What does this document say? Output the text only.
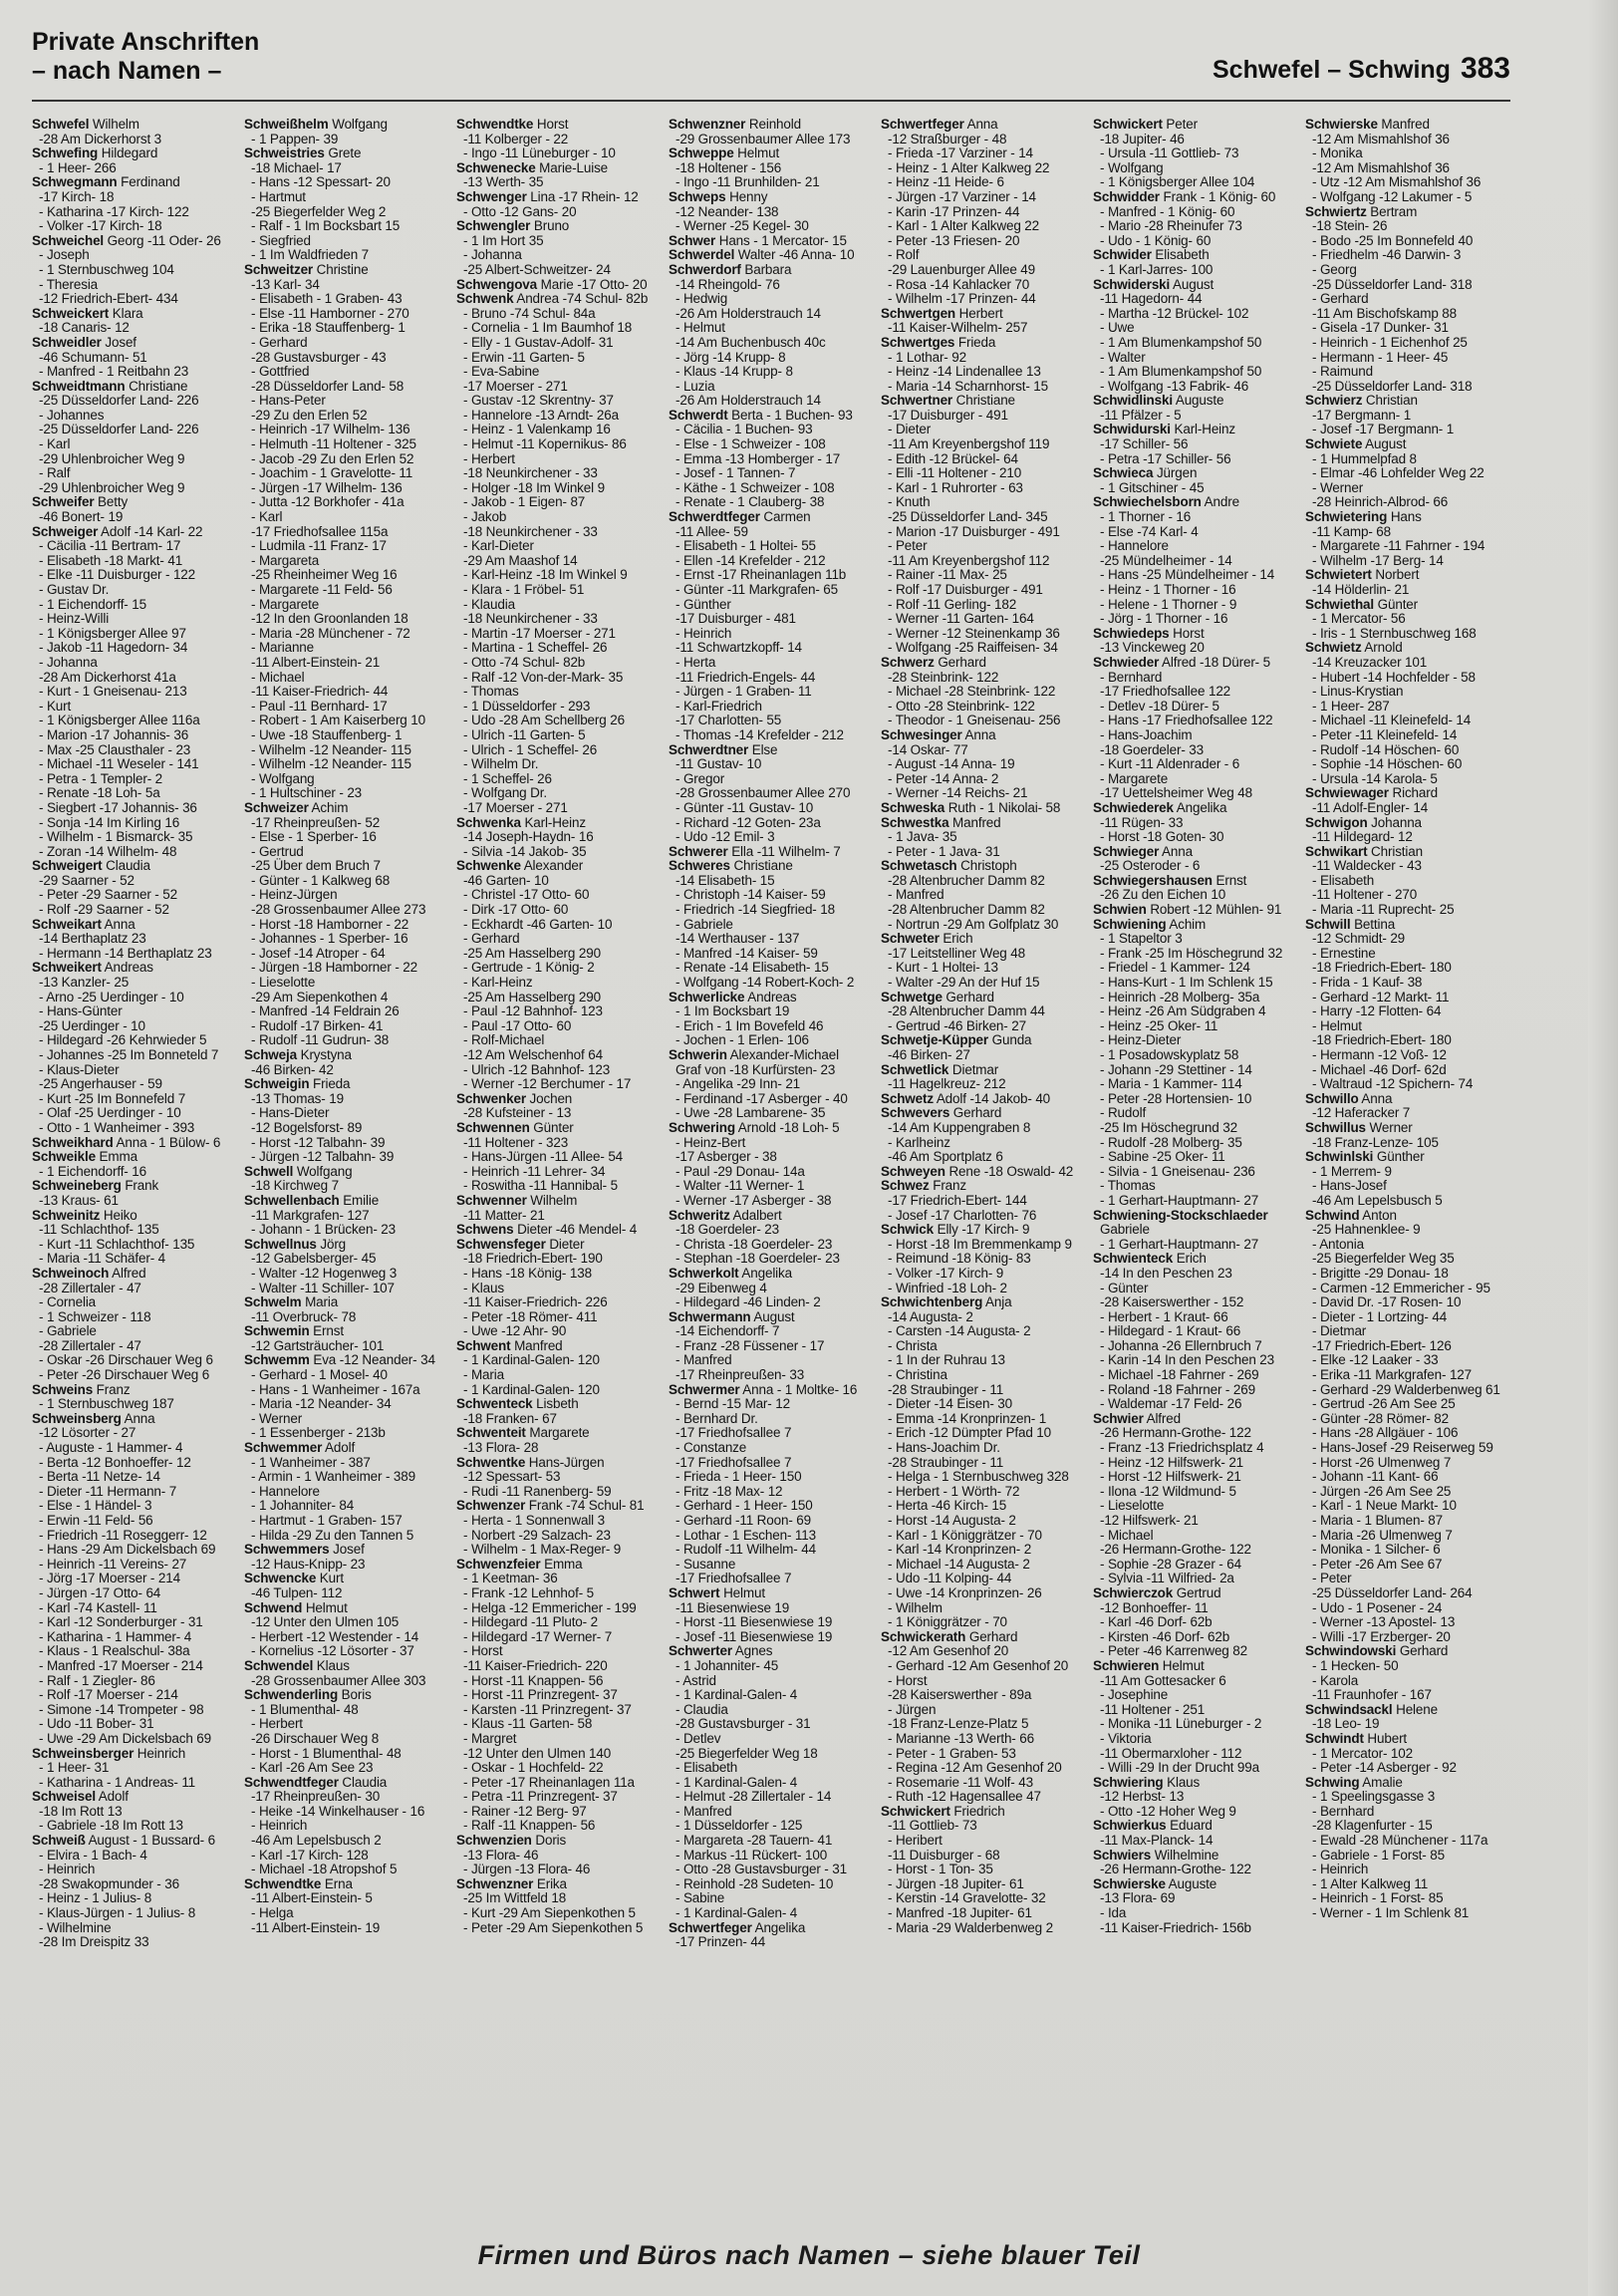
Private Anschriften
– nach Namen –	Schwefel – Schwing 383
Schwefel Wilhelm
-28 Am Dickerhorst 3
Schwefing Hildegard
- 1 Heer- 266
Schwegmann Ferdinand
-17 Kirch- 18
- Katharina -17 Kirch- 122
- Volker -17 Kirch- 18
Schweichel Georg -11 Oder- 26
- Joseph
- 1 Sternbuschweg 104
- Theresia
-12 Friedrich-Ebert- 434
Schweickert Klara
-18 Canaris- 12
Schweidler Josef
-46 Schumann- 51
- Manfred - 1 Reitbahn 23
Schweidtmann Christiane
-25 Düsseldorfer Land- 226
- Johannes
-25 Düsseldorfer Land- 226
- Karl
-29 Uhlenbroicher Weg 9
- Ralf
-29 Uhlenbroicher Weg 9
Schweifer Betty
-46 Bonert- 19
Schweiger Adolf -14 Karl- 22
- Cäcilia -11 Bertram- 17
- Elisabeth -18 Markt- 41
- Elke -11 Duisburger - 122
- Gustav Dr.
- 1 Eichendorff- 15
- Heinz-Willi
- 1 Königsberger Allee 97
- Jakob -11 Hagedorn- 34
- Johanna
-28 Am Dickerhorst 41a
- Kurt - 1 Gneisenau- 213
- Kurt
- 1 Königsberger Allee 116a
- Marion -17 Johannis- 36
- Max -25 Clausthaler - 23
- Michael -11 Weseler - 141
- Petra - 1 Templer- 2
- Renate -18 Loh- 5a
- Siegbert -17 Johannis- 36
- Sonja -14 Im Kirling 16
- Wilhelm - 1 Bismarck- 35
- Zoran -14 Wilhelm- 48
Schweigert Claudia
-29 Saarner - 52
- Peter -29 Saarner - 52
- Rolf -29 Saarner - 52
Schweikart Anna
-14 Berthaplatz 23
- Hermann -14 Berthaplatz 23
Schweikert Andreas
-13 Kanzler- 25
- Arno -25 Uerdinger - 10
- Hans-Günter
-25 Uerdinger - 10
- Hildegard -26 Kehrwieder 5
- Johannes -25 Im Bonneteld 7
- Klaus-Dieter
-25 Angerhauser - 59
- Kurt -25 Im Bonnefeld 7
- Olaf -25 Uerdinger - 10
- Otto - 1 Wanheimer - 393
Schweikhard Anna - 1 Bülow- 6
Schweikle Emma
- 1 Eichendorff- 16
Schweineberg Frank
-13 Kraus- 61
Schweinitz Heiko
-11 Schlachthof- 135
- Kurt -11 Schlachthof- 135
- Maria -11 Schäfer- 4
Schweinoch Alfred
-28 Zillertaler - 47
- Cornelia
- 1 Schweizer - 118
- Gabriele
-28 Zillertaler - 47
- Oskar -26 Dirschauer Weg 6
- Peter -26 Dirschauer Weg 6
Schweins Franz
- 1 Sternbuschweg 187
Schweinsberg Anna
-12 Lösorter - 27
- Auguste - 1 Hammer- 4
- Berta -12 Bonhoeffer- 12
- Berta -11 Netze- 14
- Dieter -11 Hermann- 7
- Else - 1 Händel- 3
- Erwin -11 Feld- 56
- Friedrich -11 Roseggerr- 12
- Hans -29 Am Dickelsbach 69
- Heinrich -11 Vereins- 27
- Jörg -17 Moerser - 214
- Jürgen -17 Otto- 64
- Karl -74 Kastell- 11
- Karl -12 Sonderburger - 31
- Katharina - 1 Hammer- 4
- Klaus - 1 Realschul- 38a
- Manfred -17 Moerser - 214
- Ralf - 1 Ziegler- 86
- Rolf -17 Moerser - 214
- Simone -14 Trompeter - 98
- Udo -11 Bober- 31
- Uwe -29 Am Dickelsbach 69
Schweinsberger Heinrich
- 1 Heer- 31
- Katharina - 1 Andreas- 11
Schweisel Adolf
-18 Im Rott 13
- Gabriele -18 Im Rott 13
Schweiß August - 1 Bussard- 6
- Elvira - 1 Bach- 4
- Heinrich
-28 Swakopmunder - 36
- Heinz - 1 Julius- 8
- Klaus-Jürgen - 1 Julius- 8
- Wilhelmine
-28 Im Dreispitz 33
Schweißhelm Wolfgang
- 1 Pappen- 39
Schweistries Grete
-18 Michael- 17
- Hans -12 Spessart- 20
- Hartmut
-25 Biegerfelder Weg 2
- Ralf - 1 Im Bocksbart 15
- Siegfried
- 1 Im Waldfrieden 7
Schweitzer Christine
-13 Karl- 34
- Elisabeth - 1 Graben- 43
- Else -11 Hamborner - 270
- Erika -18 Stauffenberg- 1
- Gerhard
-28 Gustavsburger - 43
- Gottfried
-28 Düsseldorfer Land- 58
- Hans-Peter
-29 Zu den Erlen 52
- Heinrich -17 Wilhelm- 136
- Helmuth -11 Holtener - 325
- Jacob -29 Zu den Erlen 52
- Joachim - 1 Gravelotte- 11
- Jürgen -17 Wilhelm- 136
- Jutta -12 Borkhofer - 41a
- Karl
-17 Friedhofsallee 115a
- Ludmila -11 Franz- 17
- Margareta
-25 Rheinheimer Weg 16
- Margarete -11 Feld- 56
- Margarete
-12 In den Groonlanden 18
- Maria -28 Münchener - 72
- Marianne
-11 Albert-Einstein- 21
- Michael
-11 Kaiser-Friedrich- 44
- Paul -11 Bernhard- 17
- Robert - 1 Am Kaiserberg 10
- Uwe -18 Stauffenberg- 1
- Wilhelm -12 Neander- 115
- Wilhelm -12 Neander- 115
- Wolfgang
- 1 Hultschiner - 23
Schweizer Achim
-17 Rheinpreußen- 52
- Else - 1 Sperber- 16
- Gertrud
-25 Über dem Bruch 7
- Günter - 1 Kalkweg 68
- Heinz-Jürgen
-28 Grossenbaumer Allee 273
- Horst -18 Hamborner - 22
- Johannes - 1 Sperber- 16
- Josef -14 Atroper - 64
- Jürgen -18 Hamborner - 22
- Lieselotte
-29 Am Siepenkothen 4
- Manfred -14 Feldrain 26
- Rudolf -17 Birken- 41
- Rudolf -11 Gudrun- 38
Schweja Krystyna
-46 Birken- 42
Schweigin Frieda
-13 Thomas- 19
- Hans-Dieter
-12 Bogelsforst- 89
- Horst -12 Talbahn- 39
- Jürgen -12 Talbahn- 39
Schwell Wolfgang
-18 Kirchweg 7
Schwellenbach Emilie
-11 Markgrafen- 127
- Johann - 1 Brücken- 23
Schwellnus Jörg
-12 Gabelsberger- 45
- Walter -12 Hogenweg 3
- Walter -11 Schiller- 107
Schwelm Maria
-11 Overbruck- 78
Schwemin Ernst
-12 Gartsträucher- 101
Schwemm Eva -12 Neander- 34
- Gerhard - 1 Mosel- 40
- Hans - 1 Wanheimer - 167a
- Maria -12 Neander- 34
- Werner
- 1 Essenberger - 213b
Schwemmer Adolf
- 1 Wanheimer - 387
- Armin - 1 Wanheimer - 389
- Hannelore
- 1 Johanniter- 84
- Hartmut - 1 Graben- 157
- Hilda -29 Zu den Tannen 5
Schwemmers Josef
-12 Haus-Knipp- 23
Schwencke Kurt
-46 Tulpen- 112
Schwend Helmut
-12 Unter den Ulmen 105
- Herbert -12 Westender - 14
- Kornelius -12 Lösorter - 37
Schwendel Klaus
-28 Grossenbaumer Allee 303
Schwenderling Boris
- 1 Blumenthal- 48
- Herbert
-26 Dirschauer Weg 8
- Horst - 1 Blumenthal- 48
- Karl -26 Am See 23
Schwendtfeger Claudia
-17 Rheinpreußen- 30
- Heike -14 Winkelhauser - 16
- Heinrich
-46 Am Lepelsbusch 2
- Karl -17 Kirch- 128
- Michael -18 Atropshof 5
Schwendtke Erna
-11 Albert-Einstein- 5
- Helga
-11 Albert-Einstein- 19
Schwendtke Horst
-11 Kolberger - 22
- Ingo -11 Lüneburger - 10
Schwenecke Marie-Luise
-13 Werth- 35
Schwenger Lina -17 Rhein- 12
- Otto -12 Gans- 20
Schwengler Bruno
- 1 Im Hort 35
- Johanna
-25 Albert-Schweitzer- 24
Schwengova Marie -17 Otto- 20
Schwenk Andrea -74 Schul- 82b
- Bruno -74 Schul- 84a
- Cornelia - 1 Im Baumhof 18
- Elly - 1 Gustav-Adolf- 31
- Erwin -11 Garten- 5
- Eva-Sabine
-17 Moerser - 271
- Gustav -12 Skrentny- 37
- Hannelore -13 Arndt- 26a
- Heinz - 1 Valenkamp 16
- Helmut -11 Kopernikus- 86
- Herbert
-18 Neunkirchener - 33
- Holger -18 Im Winkel 9
- Jakob - 1 Eigen- 87
- Jakob
-18 Neunkirchener - 33
- Karl-Dieter
-29 Am Maashof 14
- Karl-Heinz -18 Im Winkel 9
- Klara - 1 Fröbel- 51
- Klaudia
-18 Neunkirchener - 33
- Martin -17 Moerser - 271
- Martina - 1 Scheffel- 26
- Otto -74 Schul- 82b
- Ralf -12 Von-der-Mark- 35
- Thomas
- 1 Düsseldorfer - 293
- Udo -28 Am Schellberg 26
- Ulrich -11 Garten- 5
- Ulrich - 1 Scheffel- 26
- Wilhelm Dr.
- 1 Scheffel- 26
- Wolfgang Dr.
-17 Moerser - 271
Schwenka Karl-Heinz
-14 Joseph-Haydn- 16
- Silvia -14 Jakob- 35
Schwenke Alexander
-46 Garten- 10
- Christel -17 Otto- 60
- Dirk -17 Otto- 60
- Eckhardt -46 Garten- 10
- Gerhard
-25 Am Hasselberg 290
- Gertrude - 1 König- 2
- Karl-Heinz
-25 Am Hasselberg 290
- Paul -12 Bahnhof- 123
- Paul -17 Otto- 60
- Rolf-Michael
-12 Am Welschenhof 64
- Ulrich -12 Bahnhof- 123
- Werner -12 Berchumer - 17
Schwenker Jochen
-28 Kufsteiner - 13
Schwennen Günter
-11 Holtener - 323
- Hans-Jürgen -11 Allee- 54
- Heinrich -11 Lehrer- 34
- Roswitha -11 Hannibal- 5
Schwenner Wilhelm
-11 Matter- 21
Schwens Dieter -46 Mendel- 4
Schwensfeger Dieter
-18 Friedrich-Ebert- 190
- Hans -18 König- 138
- Klaus
-11 Kaiser-Friedrich- 226
- Peter -18 Römer- 411
- Uwe -12 Ahr- 90
Schwent Manfred
- 1 Kardinal-Galen- 120
- Maria
- 1 Kardinal-Galen- 120
Schwenteck Lisbeth
-18 Franken- 67
Schwenteit Margarete
-13 Flora- 28
Schwentke Hans-Jürgen
-12 Spessart- 53
- Rudi -11 Ranenberg- 59
Schwenzer Frank -74 Schul- 81
- Herta - 1 Sonnenwall 3
- Norbert -29 Salzach- 23
- Wilhelm - 1 Max-Reger- 9
Schwenzfeier Emma
- 1 Keetman- 36
- Frank -12 Lehnhof- 5
- Helga -12 Emmericher - 199
- Hildegard -11 Pluto- 2
- Hildegard -17 Werner- 7
- Horst
-11 Kaiser-Friedrich- 220
- Horst -11 Knappen- 56
- Horst -11 Prinzregent- 37
- Karsten -11 Prinzregent- 37
- Klaus -11 Garten- 58
- Margret
-12 Unter den Ulmen 140
- Oskar - 1 Hochfeld- 22
- Peter -17 Rheinanlagen 11a
- Petra -11 Prinzregent- 37
- Rainer -12 Berg- 97
- Ralf -11 Knappen- 56
Schwenzien Doris
-13 Flora- 46
- Jürgen -13 Flora- 46
Schwenzner Erika
-25 Im Wittfeld 18
- Kurt -29 Am Siepenkothen 5
- Peter -29 Am Siepenkothen 5
Schwenzner Reinhold
-29 Grossenbaumer Allee 173
Schweppe Helmut
-18 Holtener - 156
- Ingo -11 Brunhilden- 21
Schweps Henny
-12 Neander- 138
- Werner -25 Kegel- 30
Schwer Hans - 1 Mercator- 15
Schwerdel Walter -46 Anna- 10
Schwerdorf Barbara
-14 Rheingold- 76
- Hedwig
-26 Am Holderstrauch 14
- Helmut
-14 Am Buchenbusch 40c
- Jörg -14 Krupp- 8
- Klaus -14 Krupp- 8
- Luzia
-26 Am Holderstrauch 14
Schwerdt Berta - 1 Buchen- 93
- Cäcilia - 1 Buchen- 93
- Else - 1 Schweizer - 108
- Emma -13 Homberger - 17
- Josef - 1 Tannen- 7
- Käthe - 1 Schweizer - 108
- Renate - 1 Clauberg- 38
Schwerdtfeger Carmen
-11 Allee- 59
- Elisabeth - 1 Holtei- 55
- Ellen -14 Krefelder - 212
- Ernst -17 Rheinanlagen 11b
- Günter -11 Markgrafen- 65
- Günther
-17 Duisburger - 481
- Heinrich
-11 Schwartzkopff- 14
- Herta
-11 Friedrich-Engels- 44
- Jürgen - 1 Graben- 11
- Karl-Friedrich
-17 Charlotten- 55
- Thomas -14 Krefelder - 212
Schwerdtner Else
-11 Gustav- 10
- Gregor
-28 Grossenbaumer Allee 270
- Günter -11 Gustav- 10
- Richard -12 Goten- 23a
- Udo -12 Emil- 3
Schwerer Ella -11 Wilhelm- 7
Schweres Christiane
-14 Elisabeth- 15
- Christoph -14 Kaiser- 59
- Friedrich -14 Siegfried- 18
- Gabriele
-14 Werthauser - 137
- Manfred -14 Kaiser- 59
- Renate -14 Elisabeth- 15
- Wolfgang -14 Robert-Koch- 2
Schwerlicke Andreas
- 1 Im Bocksbart 19
- Erich - 1 Im Bovefeld 46
- Jochen - 1 Erlen- 106
Schwerin Alexander-Michael
Graf von -18 Kurfürsten- 23
- Angelika -29 Inn- 21
- Ferdinand -17 Asberger - 40
- Uwe -28 Lambarene- 35
Schwering Arnold -18 Loh- 5
- Heinz-Bert
-17 Asberger - 38
- Paul -29 Donau- 14a
- Walter -11 Werner- 1
- Werner -17 Asberger - 38
Schweritz Adalbert
-18 Goerdeler- 23
- Christa -18 Goerdeler- 23
- Stephan -18 Goerdeler- 23
Schwerkolt Angelika
-29 Eibenweg 4
- Hildegard -46 Linden- 2
Schwermann August
-14 Eichendorff- 7
- Franz -28 Füssener - 17
- Manfred
-17 Rheinpreußen- 33
Schwermer Anna - 1 Moltke- 16
- Bernd -15 Mar- 12
- Bernhard Dr.
-17 Friedhofsallee 7
- Constanze
-17 Friedhofsallee 7
- Frieda - 1 Heer- 150
- Fritz -18 Max- 12
- Gerhard - 1 Heer- 150
- Gerhard -11 Roon- 69
- Lothar - 1 Eschen- 113
- Rudolf -11 Wilhelm- 44
- Susanne
-17 Friedhofsallee 7
Schwert Helmut
-11 Biesenwiese 19
- Horst -11 Biesenwiese 19
- Josef -11 Biesenwiese 19
Schwerter Agnes
- 1 Johanniter- 45
- Astrid
- 1 Kardinal-Galen- 4
- Claudia
-28 Gustavsburger - 31
- Detlev
-25 Biegerfelder Weg 18
- Elisabeth
- 1 Kardinal-Galen- 4
- Helmut -28 Zillertaler - 14
- Manfred
- 1 Düsseldorfer - 125
- Margareta -28 Tauern- 41
- Markus -11 Rückert- 100
- Otto -28 Gustavsburger - 31
- Reinhold -28 Sudeten- 10
- Sabine
- 1 Kardinal-Galen- 4
Schwertfeger Angelika
-17 Prinzen- 44
Schwertfeger Anna
-12 Straßburger - 48
- Frieda -17 Varziner - 14
- Heinz - 1 Alter Kalkweg 22
- Heinz -11 Heide- 6
- Jürgen -17 Varziner - 14
- Karin -17 Prinzen- 44
- Karl - 1 Alter Kalkweg 22
- Peter -13 Friesen- 20
- Rolf
-29 Lauenburger Allee 49
- Rosa -14 Kahlacker 70
- Wilhelm -17 Prinzen- 44
Schwertgen Herbert
-11 Kaiser-Wilhelm- 257
Schwertges Frieda
- 1 Lothar- 92
- Heinz -14 Lindenallee 13
- Maria -14 Scharnhorst- 15
Schwertner Christiane
-17 Duisburger - 491
- Dieter
-11 Am Kreyenbergshof 119
- Edith -12 Brückel- 64
- Elli -11 Holtener - 210
- Karl - 1 Ruhrorter - 63
- Knuth
-25 Düsseldorfer Land- 345
- Marion -17 Duisburger - 491
- Peter
-11 Am Kreyenbergshof 112
- Rainer -11 Max- 25
- Rolf -17 Duisburger - 491
- Rolf -11 Gerling- 182
- Werner -11 Garten- 164
- Werner -12 Steinenkamp 36
- Wolfgang -25 Raiffeisen- 34
Schwerz Gerhard
-28 Steinbrink- 122
- Michael -28 Steinbrink- 122
- Otto -28 Steinbrink- 122
- Theodor - 1 Gneisenau- 256
Schwesinger Anna
-14 Oskar- 77
- August -14 Anna- 19
- Peter -14 Anna- 2
- Werner -14 Reichs- 21
Schweska Ruth - 1 Nikolai- 58
Schwestka Manfred
- 1 Java- 35
- Peter - 1 Java- 31
Schwetasch Christoph
-28 Altenbrucher Damm 82
- Manfred
-28 Altenbrucher Damm 82
- Nortrun -29 Am Golfplatz 30
Schweter Erich
-17 Leitstelliner Weg 48
- Kurt - 1 Holtei- 13
- Walter -29 An der Huf 15
Schwetge Gerhard
-28 Altenbrucher Damm 44
- Gertrud -46 Birken- 27
Schwetje-Küpper Gunda
-46 Birken- 27
Schwetlick Dietmar
-11 Hagelkreuz- 212
Schwetz Adolf -14 Jakob- 40
Schwevers Gerhard
-14 Am Kuppengraben 8
- Karlheinz
-46 Am Sportplatz 6
Schweyen Rene -18 Oswald- 42
Schwez Franz
-17 Friedrich-Ebert- 144
- Josef -17 Charlotten- 76
Schwick Elly -17 Kirch- 9
- Horst -18 Im Bremmenkamp 9
- Reimund -18 König- 83
- Volker -17 Kirch- 9
- Winfried -18 Loh- 2
Schwichtenberg Anja
-14 Augusta- 2
- Carsten -14 Augusta- 2
- Christa
- 1 In der Ruhrau 13
- Christina
-28 Straubinger - 11
- Dieter -14 Eisen- 30
- Emma -14 Kronprinzen- 1
- Erich -12 Dümpter Pfad 10
- Hans-Joachim Dr.
-28 Straubinger - 11
- Helga - 1 Sternbuschweg 328
- Herbert - 1 Wörth- 72
- Herta -46 Kirch- 15
- Horst -14 Augusta- 2
- Karl - 1 Königgrätzer - 70
- Karl -14 Kronprinzen- 2
- Michael -14 Augusta- 2
- Udo -11 Kolping- 44
- Uwe -14 Kronprinzen- 26
- Wilhelm
- 1 Königgrätzer - 70
Schwickerath Gerhard
-12 Am Gesenhof 20
- Gerhard -12 Am Gesenhof 20
- Horst
-28 Kaiserswerther - 89a
- Jürgen
-18 Franz-Lenze-Platz 5
- Marianne -13 Werth- 66
- Peter - 1 Graben- 53
- Regina -12 Am Gesenhof 20
- Rosemarie -11 Wolf- 43
- Ruth -12 Hagensallee 47
Schwickert Friedrich
-11 Gottlieb- 73
- Heribert
-11 Duisburger - 68
- Horst - 1 Ton- 35
- Jürgen -18 Jupiter- 61
- Kerstin -14 Gravelotte- 32
- Manfred -18 Jupiter- 61
- Maria -29 Walderbenweg 2
Schwickert Peter
-18 Jupiter- 46
- Ursula -11 Gottlieb- 73
- Wolfgang
- 1 Königsberger Allee 104
Schwidder Frank - 1 König- 60
- Manfred - 1 König- 60
- Mario -28 Rheinufer 73
- Udo - 1 König- 60
Schwider Elisabeth
- 1 Karl-Jarres- 100
Schwiderski August
-11 Hagedorn- 44
- Martha -12 Brückel- 102
- Uwe
- 1 Am Blumenkampshof 50
- Walter
- 1 Am Blumenkampshof 50
- Wolfgang -13 Fabrik- 46
Schwidlinski Auguste
-11 Pfälzer - 5
Schwidurski Karl-Heinz
-17 Schiller- 56
- Petra -17 Schiller- 56
Schwieca Jürgen
- 1 Gitschiner - 45
Schwiechelsborn Andre
- 1 Thorner - 16
- Else -74 Karl- 4
- Hannelore
-25 Mündelheimer - 14
- Hans -25 Mündelheimer - 14
- Heinz - 1 Thorner - 16
- Helene - 1 Thorner - 9
- Jörg - 1 Thorner - 16
Schwiedeps Horst
-13 Vinckeweg 20
Schwieder Alfred -18 Dürer- 5
- Bernhard
-17 Friedhofsallee 122
- Detlev -18 Dürer- 5
- Hans -17 Friedhofsallee 122
- Hans-Joachim
-18 Goerdeler- 33
- Kurt -11 Aldenrader - 6
- Margarete
-17 Uettelsheimer Weg 48
Schwiederek Angelika
-11 Rügen- 33
- Horst -18 Goten- 30
Schwieger Anna
-25 Osteroder - 6
Schwiegershausen Ernst
-26 Zu den Eichen 10
Schwien Robert -12 Mühlen- 91
Schwiening Achim
- 1 Stapeltor 3
- Frank -25 Im Höschegrund 32
- Friedel - 1 Kammer- 124
- Hans-Kurt - 1 Im Schlenk 15
- Heinrich -28 Molberg- 35a
- Heinz -26 Am Südgraben 4
- Heinz -25 Oker- 11
- Heinz-Dieter
- 1 Posadowskyplatz 58
- Johann -29 Stettiner - 14
- Maria - 1 Kammer- 114
- Peter -28 Hortensien- 10
- Rudolf
-25 Im Höschegrund 32
- Rudolf -28 Molberg- 35
- Sabine -25 Oker- 11
- Silvia - 1 Gneisenau- 236
- Thomas
- 1 Gerhart-Hauptmann- 27
Schwiening-Stockschlaeder
Gabriele
- 1 Gerhart-Hauptmann- 27
Schwienteck Erich
-14 In den Peschen 23
- Günter
-28 Kaiserswerther - 152
- Herbert - 1 Kraut- 66
- Hildegard - 1 Kraut- 66
- Johanna -26 Ellernbruch 7
- Karin -14 In den Peschen 23
- Michael -18 Fahrner - 269
- Roland -18 Fahrner - 269
- Waldemar -17 Feld- 26
Schwier Alfred
-26 Hermann-Grothe- 122
- Franz -13 Friedrichsplatz 4
- Heinz -12 Hilfswerk- 21
- Horst -12 Hilfswerk- 21
- Ilona -12 Wildmund- 5
- Lieselotte
-12 Hilfswerk- 21
- Michael
-26 Hermann-Grothe- 122
- Sophie -28 Grazer - 64
- Sylvia -11 Wilfried- 2a
Schwierczok Gertrud
-12 Bonhoeffer- 11
- Karl -46 Dorf- 62b
- Kirsten -46 Dorf- 62b
- Peter -46 Karrenweg 82
Schwieren Helmut
-11 Am Gottesacker 6
- Josephine
-11 Holtener - 251
- Monika -11 Lüneburger - 2
- Viktoria
-11 Obermarxloher - 112
- Willi -29 In der Drucht 99a
Schwiering Klaus
-12 Herbst- 13
- Otto -12 Hoher Weg 9
Schwierkus Eduard
-11 Max-Planck- 14
Schwiers Wilhelmine
-26 Hermann-Grothe- 122
Schwierske Auguste
-13 Flora- 69
- Ida
-11 Kaiser-Friedrich- 156b
Schwierske Manfred
-12 Am Mismahlshof 36
- Monika
-12 Am Mismahlshof 36
- Utz -12 Am Mismahlshof 36
- Wolfgang -12 Lakumer - 5
Schwiertz Bertram
-18 Stein- 26
- Bodo -25 Im Bonnefeld 40
- Friedhelm -46 Darwin- 3
- Georg
-25 Düsseldorfer Land- 318
- Gerhard
-11 Am Bischofskamp 88
- Gisela -17 Dunker- 31
- Heinrich - 1 Eichenhof 25
- Hermann - 1 Heer- 45
- Raimund
-25 Düsseldorfer Land- 318
Schwierz Christian
-17 Bergmann- 1
- Josef -17 Bergmann- 1
Schwiete August
- 1 Hummelpfad 8
- Elmar -46 Lohfelder Weg 22
- Werner
-28 Heinrich-Albrod- 66
Schwietering Hans
-11 Kamp- 68
- Margarete -11 Fahrner - 194
- Wilhelm -17 Berg- 14
Schwietert Norbert
-14 Hölderlin- 21
Schwiethal Günter
- 1 Mercator- 56
- Iris - 1 Sternbuschweg 168
Schwietz Arnold
-14 Kreuzacker 101
- Hubert -14 Hochfelder - 58
- Linus-Krystian
- 1 Heer- 287
- Michael -11 Kleinefeld- 14
- Peter -11 Kleinefeld- 14
- Rudolf -14 Höschen- 60
- Sophie -14 Höschen- 60
- Ursula -14 Karola- 5
Schwiewager Richard
-11 Adolf-Engler- 14
Schwigon Johanna
-11 Hildegard- 12
Schwikart Christian
-11 Waldecker - 43
- Elisabeth
-11 Holtener - 270
- Maria -11 Ruprecht- 25
Schwill Bettina
-12 Schmidt- 29
- Ernestine
-18 Friedrich-Ebert- 180
- Frida - 1 Kauf- 38
- Gerhard -12 Markt- 11
- Harry -12 Flotten- 64
- Helmut
-18 Friedrich-Ebert- 180
- Hermann -12 Voß- 12
- Michael -46 Dorf- 62d
- Waltraud -12 Spichern- 74
Schwillo Anna
-12 Haferacker 7
Schwillus Werner
-18 Franz-Lenze- 105
Schwinlski Günther
- 1 Merrem- 9
- Hans-Josef
-46 Am Lepelsbusch 5
Schwind Anton
-25 Hahnenklee- 9
- Antonia
-25 Biegerfelder Weg 35
- Brigitte -29 Donau- 18
- Carmen -12 Emmericher - 95
- David Dr. -17 Rosen- 10
- Dieter - 1 Lortzing- 44
- Dietmar
-17 Friedrich-Ebert- 126
- Elke -12 Laaker - 33
- Erika -11 Markgrafen- 127
- Gerhard -29 Walderbenweg 61
- Gertrud -26 Am See 25
- Günter -28 Römer- 82
- Hans -28 Allgäuer - 106
- Hans-Josef -29 Reiserweg 59
- Horst -26 Ulmenweg 7
- Johann -11 Kant- 66
- Jürgen -26 Am See 25
- Karl - 1 Neue Markt- 10
- Maria - 1 Blumen- 87
- Maria -26 Ulmenweg 7
- Monika - 1 Silcher- 6
- Peter -26 Am See 67
- Peter
-25 Düsseldorfer Land- 264
- Udo - 1 Posener - 24
- Werner -13 Apostel- 13
- Willi -17 Erzberger- 20
Schwindowski Gerhard
- 1 Hecken- 50
- Karola
-11 Fraunhofer - 167
Schwindsackl Helene
-18 Leo- 19
Schwindt Hubert
- 1 Mercator- 102
- Peter -14 Asberger - 92
Schwing Amalie
- 1 Speelingsgasse 3
- Bernhard
-28 Klagenfurter - 15
- Ewald -28 Münchener - 117a
- Gabriele - 1 Forst- 85
- Heinrich
- 1 Alter Kalkweg 11
- Heinrich - 1 Forst- 85
- Werner - 1 Im Schlenk 81
Firmen und Büros nach Namen – siehe blauer Teil
